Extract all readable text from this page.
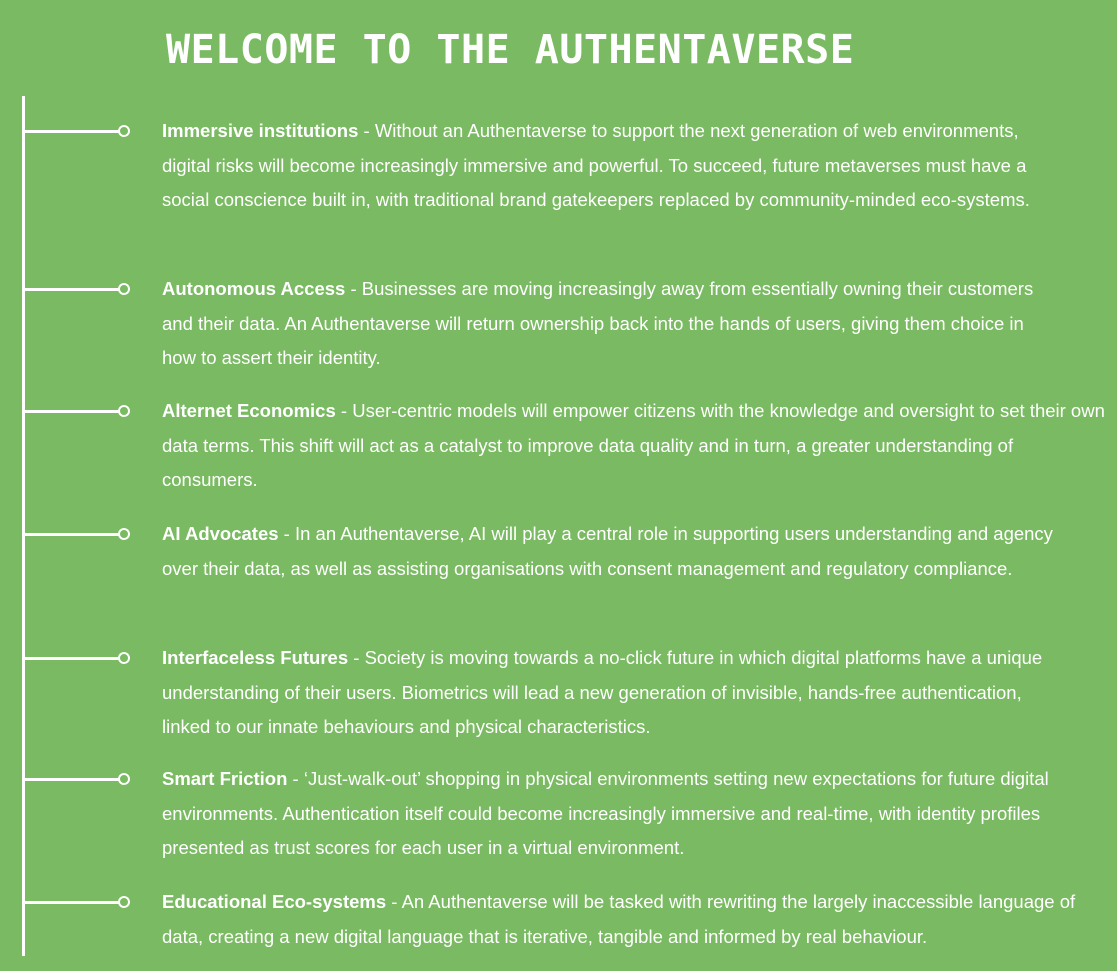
WELCOME TO THE AUTHENTAVERSE

Immersive institutions - Without an Authentaverse to support the next generation of web environments, digital risks will become increasingly immersive and powerful. To succeed, future metaverses must have a social conscience built in, with traditional brand gatekeepers replaced by community-minded eco-systems.

Autonomous Access - Businesses are moving increasingly away from essentially owning their customers and their data. An Authentaverse will return ownership back into the hands of users, giving them choice in how to assert their identity.

Alternet Economics - User-centric models will empower citizens with the knowledge and oversight to set their own data terms. This shift will act as a catalyst to improve data quality and in turn, a greater understanding of consumers.

AI Advocates - In an Authentaverse, AI will play a central role in supporting users understanding and agency over their data, as well as assisting organisations with consent management and regulatory compliance.

Interfaceless Futures - Society is moving towards a no-click future in which digital platforms have a unique understanding of their users. Biometrics will lead a new generation of invisible, hands-free authentication, linked to our innate behaviours and physical characteristics.

Smart Friction - ‘Just-walk-out’ shopping in physical environments setting new expectations for future digital environments. Authentication itself could become increasingly immersive and real-time, with identity profiles presented as trust scores for each user in a virtual environment.

Educational Eco-systems - An Authentaverse will be tasked with rewriting the largely inaccessible language of data, creating a new digital language that is iterative, tangible and informed by real behaviour.
